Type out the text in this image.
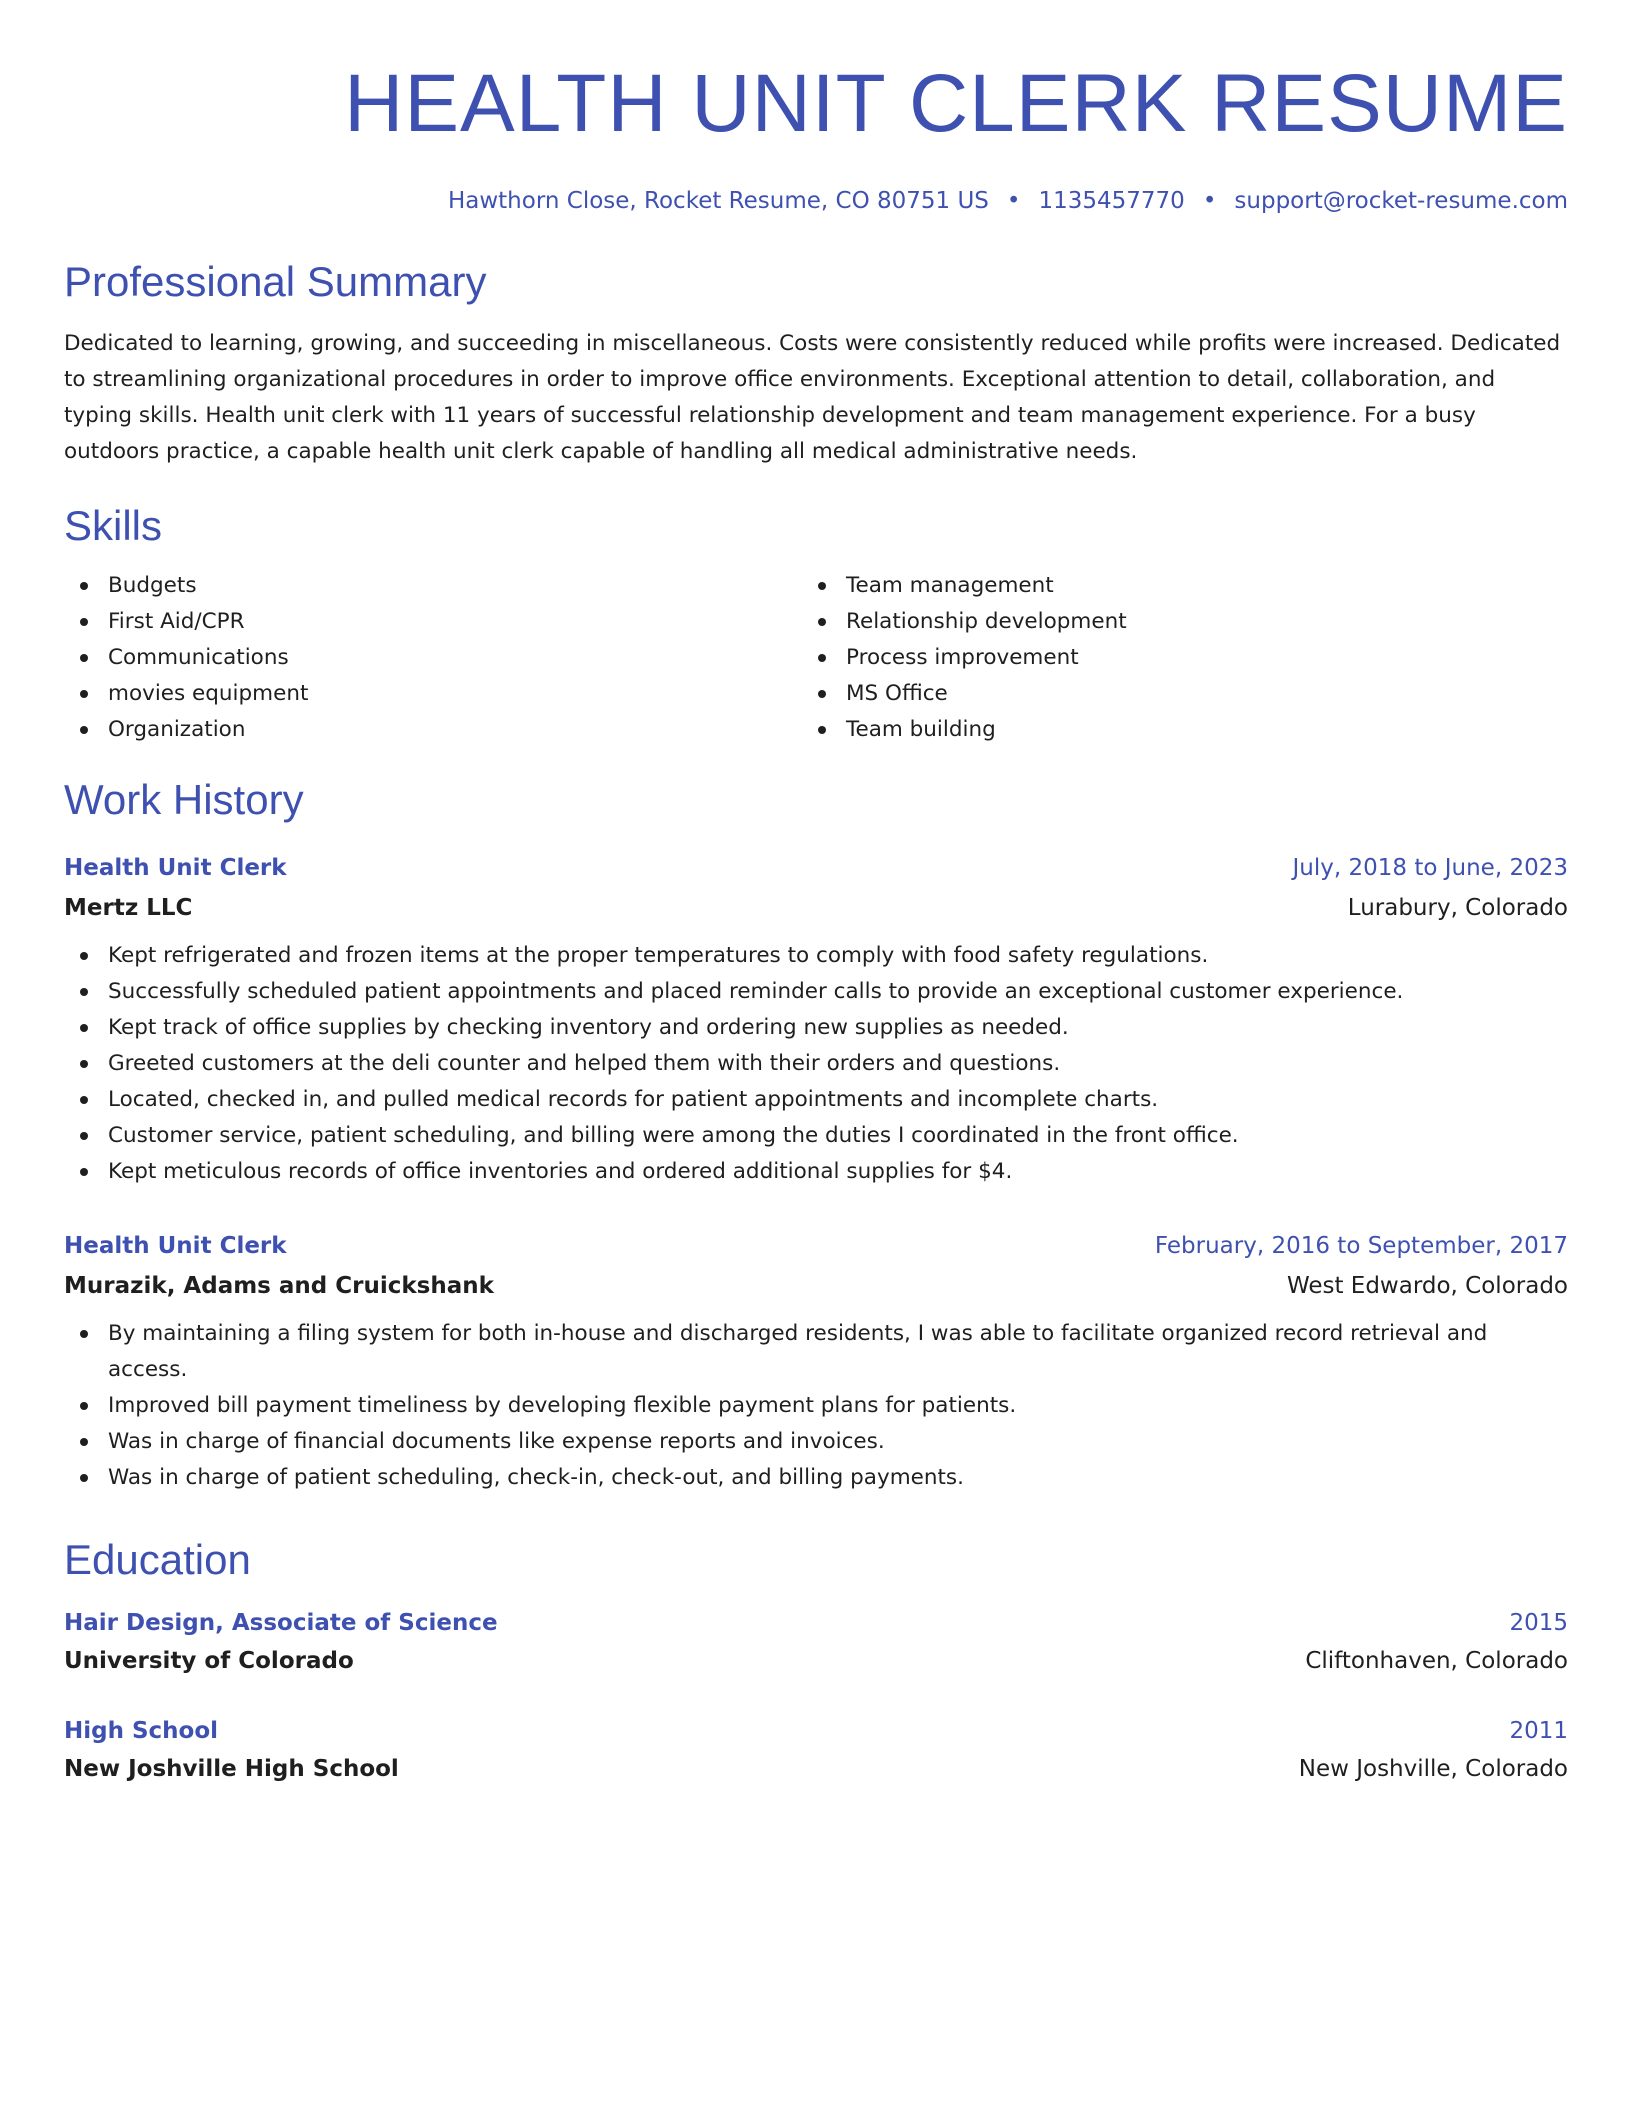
HEALTH UNIT CLERK RESUME
Hawthorn Close, Rocket Resume, CO 80751 US • 1135457770 • support@rocket-resume.com
Professional Summary

Dedicated to learning, growing, and succeeding in miscellaneous. Costs were consistently reduced while profits were increased. Dedicated to streamlining organizational procedures in order to improve office environments. Exceptional attention to detail, collaboration, and typing skills. Health unit clerk with 11 years of successful relationship development and team management experience. For a busy outdoors practice, a capable health unit clerk capable of handling all medical administrative needs.

Skills
Budgets
First Aid/CPR
Communications
movies equipment
Organization
Team management
Relationship development
Process improvement
MS Office
Team building
Work History
Health Unit Clerk	July, 2018 to June, 2023
Mertz LLC	Lurabury, Colorado
Kept refrigerated and frozen items at the proper temperatures to comply with food safety regulations.
Successfully scheduled patient appointments and placed reminder calls to provide an exceptional customer experience.
Kept track of office supplies by checking inventory and ordering new supplies as needed.
Greeted customers at the deli counter and helped them with their orders and questions.
Located, checked in, and pulled medical records for patient appointments and incomplete charts.
Customer service, patient scheduling, and billing were among the duties I coordinated in the front office.
Kept meticulous records of office inventories and ordered additional supplies for $4.
Health Unit Clerk	February, 2016 to September, 2017
Murazik, Adams and Cruickshank	West Edwardo, Colorado
By maintaining a filing system for both in-house and discharged residents, I was able to facilitate organized record retrieval and access.
Improved bill payment timeliness by developing flexible payment plans for patients.
Was in charge of financial documents like expense reports and invoices.
Was in charge of patient scheduling, check-in, check-out, and billing payments.
Education
Hair Design, Associate of Science	2015
University of Colorado	Cliftonhaven, Colorado
High School	2011
New Joshville High School	New Joshville, Colorado
